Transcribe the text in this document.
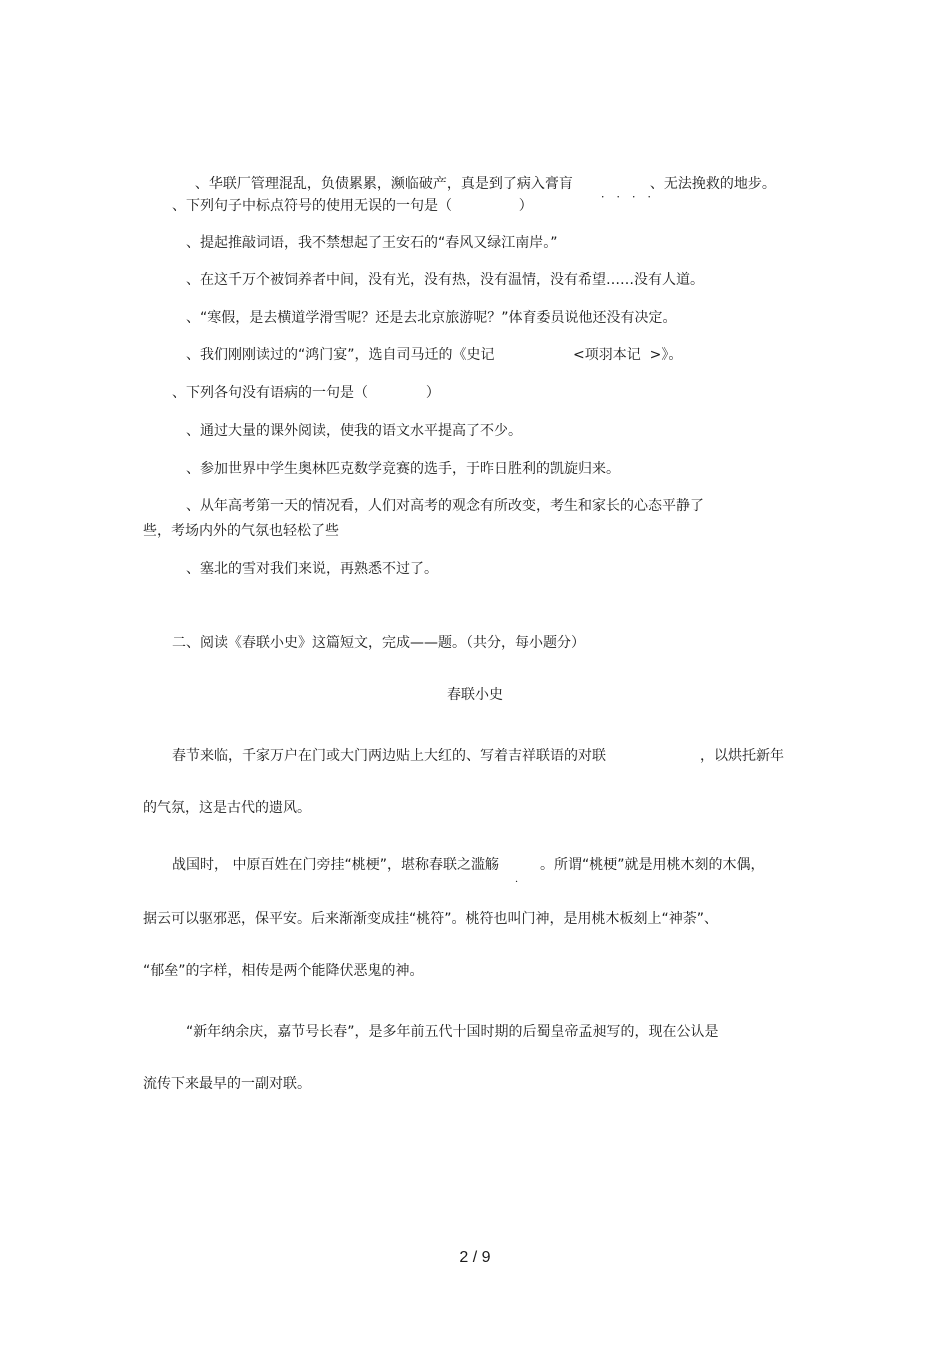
、华联厂管理混乱，负债累累，濒临破产，真是到了病入膏肓

．．．．

、无法挽救的地步。

、下列句子中标点符号的使用无误的一句是（               ）
、提起推敲词语，我不禁想起了王安石的“春风又绿江南岸。”
、在这千万个被饲养者中间，没有光，没有热，没有温情，没有希望……没有人道。
、“寒假，是去横道学滑雪呢？还是去北京旅游呢？”体育委员说他还没有决定。
、我们刚刚读过的“鸿门宴”，选自司马迁的《史记	<项羽本记  >》。
、下列各句没有语病的一句是（             ）
、通过大量的课外阅读，使我的语文水平提高了不少。
、参加世界中学生奥林匹克数学竞赛的选手，于昨日胜利的凯旋归来。
、从年高考第一天的情况看，人们对高考的观念有所改变，考生和家长的心态平静了
些，考场内外的气氛也轻松了些
、塞北的雪对我们来说，再熟悉不过了。
二、阅读《春联小史》这篇短文，完成——题。（共分，每小题分）
春联小史
春节来临，千家万户在门或大门两边贴上大红的、写着吉祥联语的对联	，以烘托新年
的气氛，这是古代的遗风。
战国时， 中原百姓在门旁挂“桃梗”，堪称春联之滥觞
．
。所谓“桃梗”就是用桃木刻的木偶，
据云可以驱邪恶，保平安。后来渐渐变成挂“桃符”。桃符也叫门神，是用桃木板刻上“神荼”、
“郁垒”的字样，相传是两个能降伏恶鬼的神。
“新年纳余庆，嘉节号长春”，是多年前五代十国时期的后蜀皇帝孟昶写的，现在公认是
流传下来最早的一副对联。
2 / 9
